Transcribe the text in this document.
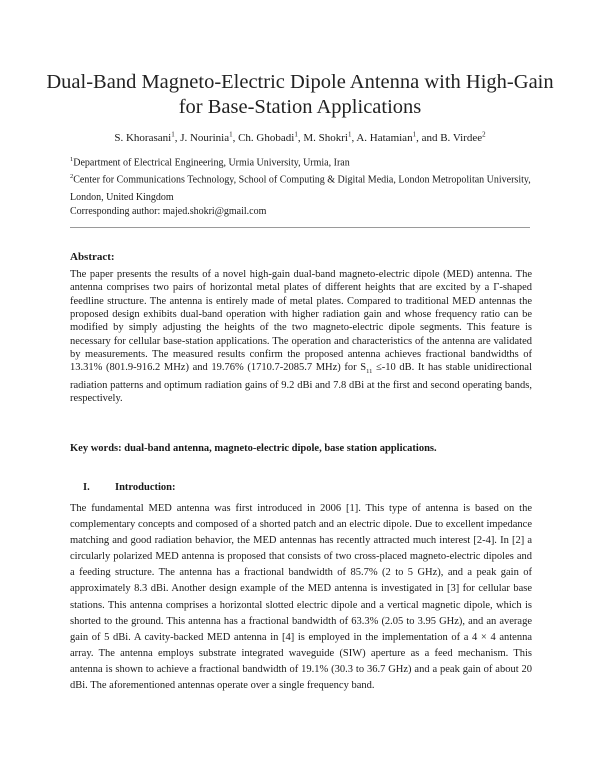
Dual-Band Magneto-Electric Dipole Antenna with High-Gain for Base-Station Applications
S. Khorasani$^1$, J. Nourinia$^1$, Ch. Ghobadi$^1$, M. Shokri$^1$, A. Hatamian$^1$, and B. Virdee$^2$
$^1$Department of Electrical Engineering, Urmia University, Urmia, Iran
$^2$Center for Communications Technology, School of Computing & Digital Media, London Metropolitan University, London, United Kingdom
Corresponding author: majed.shokri@gmail.com
Abstract:
The paper presents the results of a novel high-gain dual-band magneto-electric dipole (MED) antenna. The antenna comprises two pairs of horizontal metal plates of different heights that are excited by a Γ-shaped feedline structure. The antenna is entirely made of metal plates. Compared to traditional MED antennas the proposed design exhibits dual-band operation with higher radiation gain and whose frequency ratio can be modified by simply adjusting the heights of the two magneto-electric dipole segments. This feature is necessary for cellular base-station applications. The operation and characteristics of the antenna are validated by measurements. The measured results confirm the proposed antenna achieves fractional bandwidths of 13.31% (801.9-916.2 MHz) and 19.76% (1710.7-2085.7 MHz) for $S_{11} \le-10$ dB. It has stable unidirectional radiation patterns and optimum radiation gains of 9.2 dBi and 7.8 dBi at the first and second operating bands, respectively.
Key words: dual-band antenna, magneto-electric dipole, base station applications.
I. Introduction:
The fundamental MED antenna was first introduced in 2006 [1]. This type of antenna is based on the complementary concepts and composed of a shorted patch and an electric dipole. Due to excellent impedance matching and good radiation behavior, the MED antennas has recently attracted much interest [2-4]. In [2] a circularly polarized MED antenna is proposed that consists of two cross-placed magneto-electric dipoles and a feeding structure. The antenna has a fractional bandwidth of 85.7% (2 to 5 GHz), and a peak gain of approximately 8.3 dBi. Another design example of the MED antenna is investigated in [3] for cellular base stations. This antenna comprises a horizontal slotted electric dipole and a vertical magnetic dipole, which is shorted to the ground. This antenna has a fractional bandwidth of 63.3% (2.05 to 3.95 GHz), and an average gain of 5 dBi. A cavity-backed MED antenna in [4] is employed in the implementation of a 4 × 4 antenna array. The antenna employs substrate integrated waveguide (SIW) aperture as a feed mechanism. This antenna is shown to achieve a fractional bandwidth of 19.1% (30.3 to 36.7 GHz) and a peak gain of about 20 dBi. The aforementioned antennas operate over a single frequency band.
